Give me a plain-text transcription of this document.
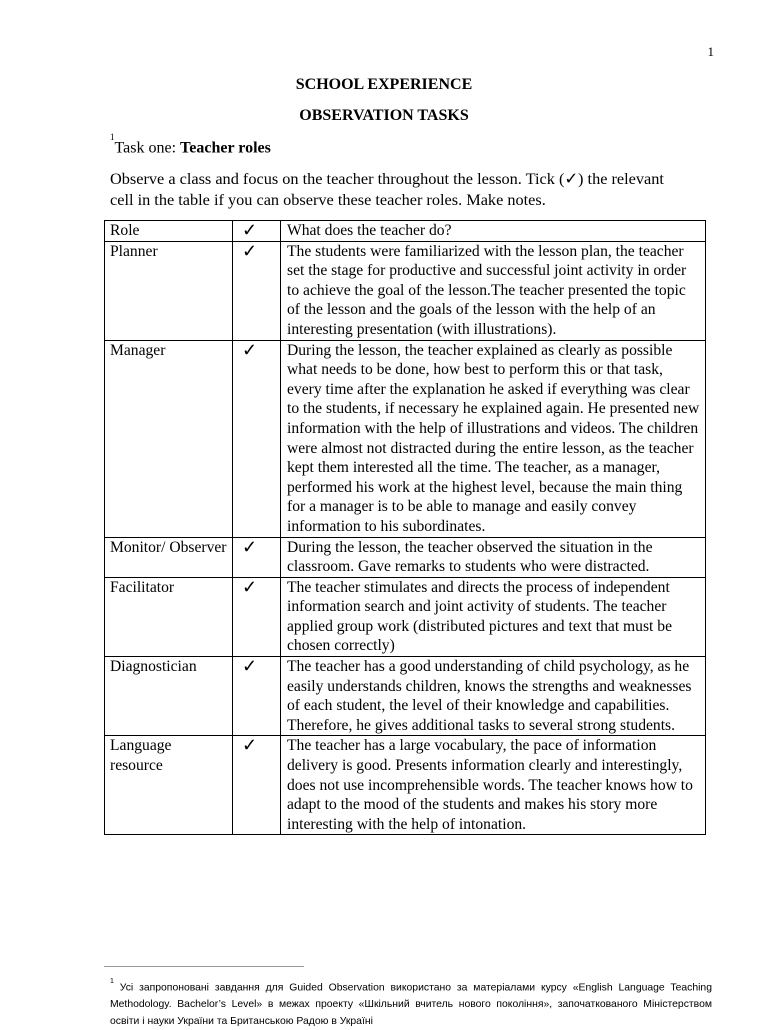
1
SCHOOL EXPERIENCE
OBSERVATION TASKS
$^1$Task one: Teacher roles
Observe a class and focus on the teacher throughout the lesson. Tick (✓) the relevant cell in the table if you can observe these teacher roles. Make notes.
Role	✓	What does the teacher do?
Planner	✓	The students were familiarized with the lesson plan, the teacher set the stage for productive and successful joint activity in order to achieve the goal of the lesson.The teacher presented the topic of the lesson and the goals of the lesson with the help of an interesting presentation (with illustrations).
Manager	✓	During the lesson, the teacher explained as clearly as possible what needs to be done, how best to perform this or that task, every time after the explanation he asked if everything was clear to the students, if necessary he explained again. He presented new information with the help of illustrations and videos. The children were almost not distracted during the entire lesson, as the teacher kept them interested all the time. The teacher, as a manager, performed his work at the highest level, because the main thing for a manager is to be able to manage and easily convey information to his subordinates.
Monitor/ Observer	✓	During the lesson, the teacher observed the situation in the classroom. Gave remarks to students who were distracted.
Facilitator	✓	The teacher stimulates and directs the process of independent information search and joint activity of students. The teacher applied group work (distributed pictures and text that must be chosen correctly)
Diagnostician	✓	The teacher has a good understanding of child psychology, as he easily understands children, knows the strengths and weaknesses of each student, the level of their knowledge and capabilities. Therefore, he gives additional tasks to several strong students.
Language resource	✓	The teacher has a large vocabulary, the pace of information delivery is good. Presents information clearly and interestingly, does not use incomprehensible words. The teacher knows how to adapt to the mood of the students and makes his story more interesting with the help of intonation.
$^1$ Усі запропоновані завдання для Guided Observation використано за матеріалами курсу «English Language Teaching Methodology. Bachelor’s Level» в межах проекту «Шкільний вчитель нового покоління», започаткованого Міністерством освіти і науки України та Британською Радою в Україні
